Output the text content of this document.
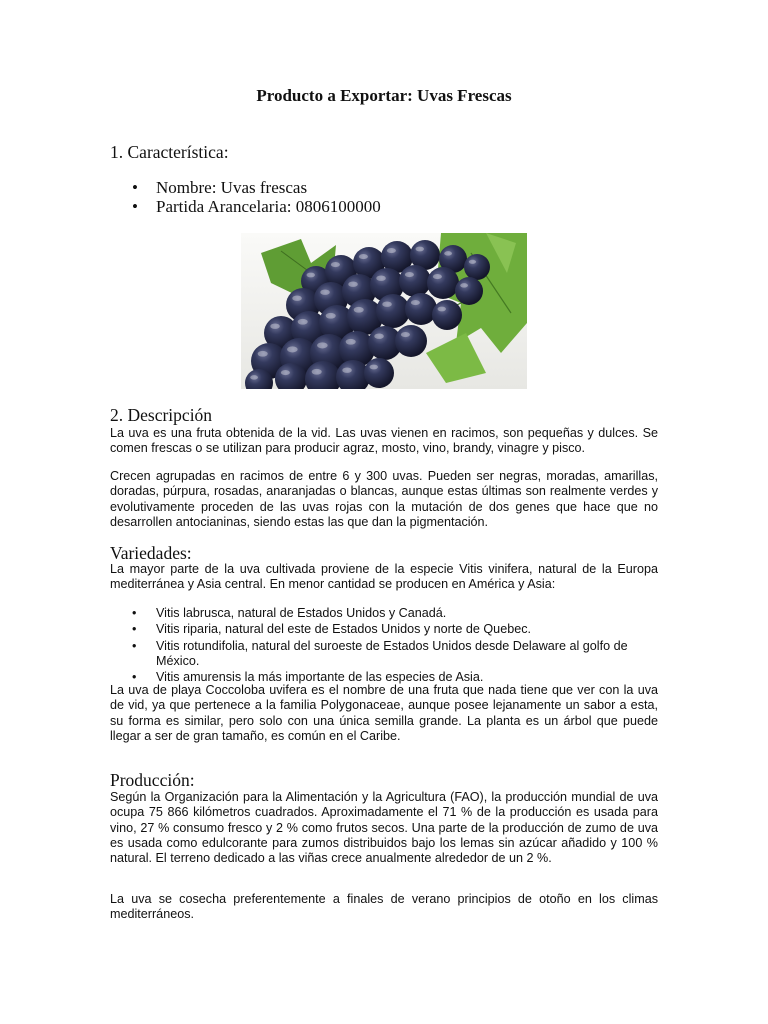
Producto a Exportar: Uvas Frescas
1. Característica:
• Nombre: Uvas frescas
• Partida Arancelaria: 0806100000
2. Descripción

La uva es una fruta obtenida de la vid. Las uvas vienen en racimos, son pequeñas y dulces. Se comen frescas o se utilizan para producir agraz, mosto, vino, brandy, vinagre y pisco.

Crecen agrupadas en racimos de entre 6 y 300 uvas. Pueden ser negras, moradas, amarillas, doradas, púrpura, rosadas, anaranjadas o blancas, aunque estas últimas son realmente verdes y evolutivamente proceden de las uvas rojas con la mutación de dos genes que hace que no desarrollen antocianinas, siendo estas las que dan la pigmentación.

Variedades:

La mayor parte de la uva cultivada proviene de la especie Vitis vinifera, natural de la Europa mediterránea y Asia central. En menor cantidad se producen en América y Asia:

• Vitis labrusca, natural de Estados Unidos y Canadá.
• Vitis riparia, natural del este de Estados Unidos y norte de Quebec.
• Vitis rotundifolia, natural del suroeste de Estados Unidos desde Delaware al golfo de México.
• Vitis amurensis la más importante de las especies de Asia.

La uva de playa Coccoloba uvifera es el nombre de una fruta que nada tiene que ver con la uva de vid, ya que pertenece a la familia Polygonaceae, aunque posee lejanamente un sabor a esta, su forma es similar, pero solo con una única semilla grande. La planta es un árbol que puede llegar a ser de gran tamaño, es común en el Caribe.

Producción:

Según la Organización para la Alimentación y la Agricultura (FAO), la producción mundial de uva ocupa 75 866 kilómetros cuadrados. Aproximadamente el 71 % de la producción es usada para vino, 27 % consumo fresco y 2 % como frutos secos. Una parte de la producción de zumo de uva es usada como edulcorante para zumos distribuidos bajo los lemas sin azúcar añadido y 100 % natural. El terreno dedicado a las viñas crece anualmente alrededor de un 2 %.

La uva se cosecha preferentemente a finales de verano principios de otoño en los climas mediterráneos.
